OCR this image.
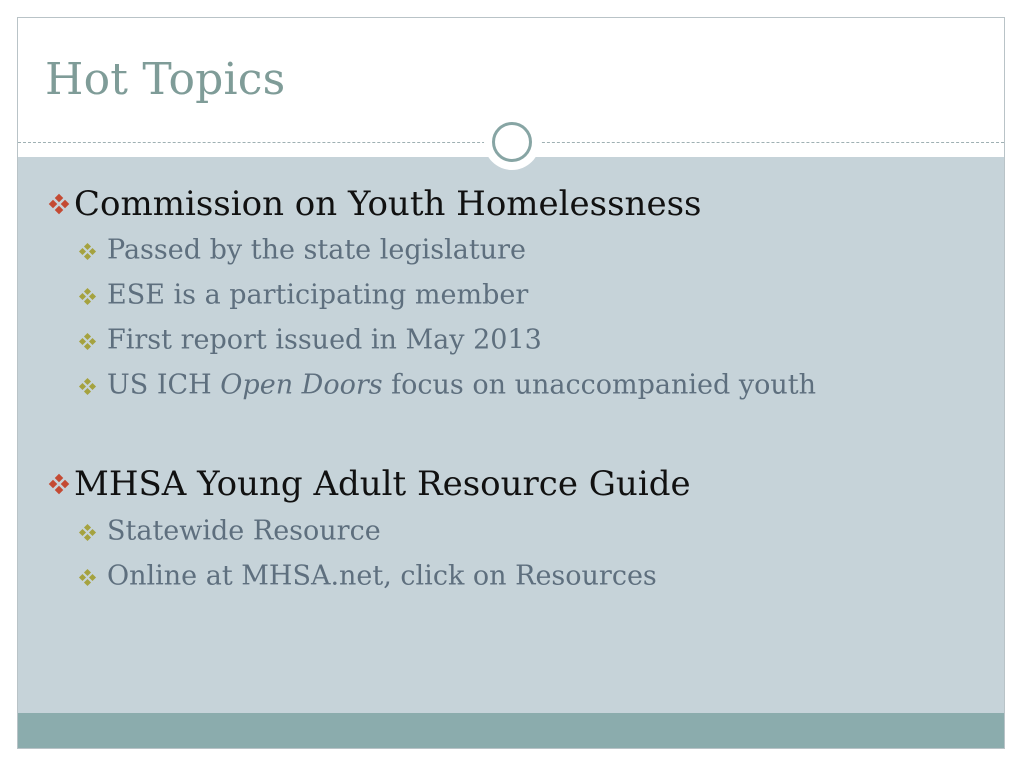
Hot Topics
Commission on Youth Homelessness
Passed by the state legislature
ESE is a participating member
First report issued in May 2013
US ICH Open Doors focus on unaccompanied youth
MHSA Young Adult Resource Guide
Statewide Resource
Online at MHSA.net, click on Resources
